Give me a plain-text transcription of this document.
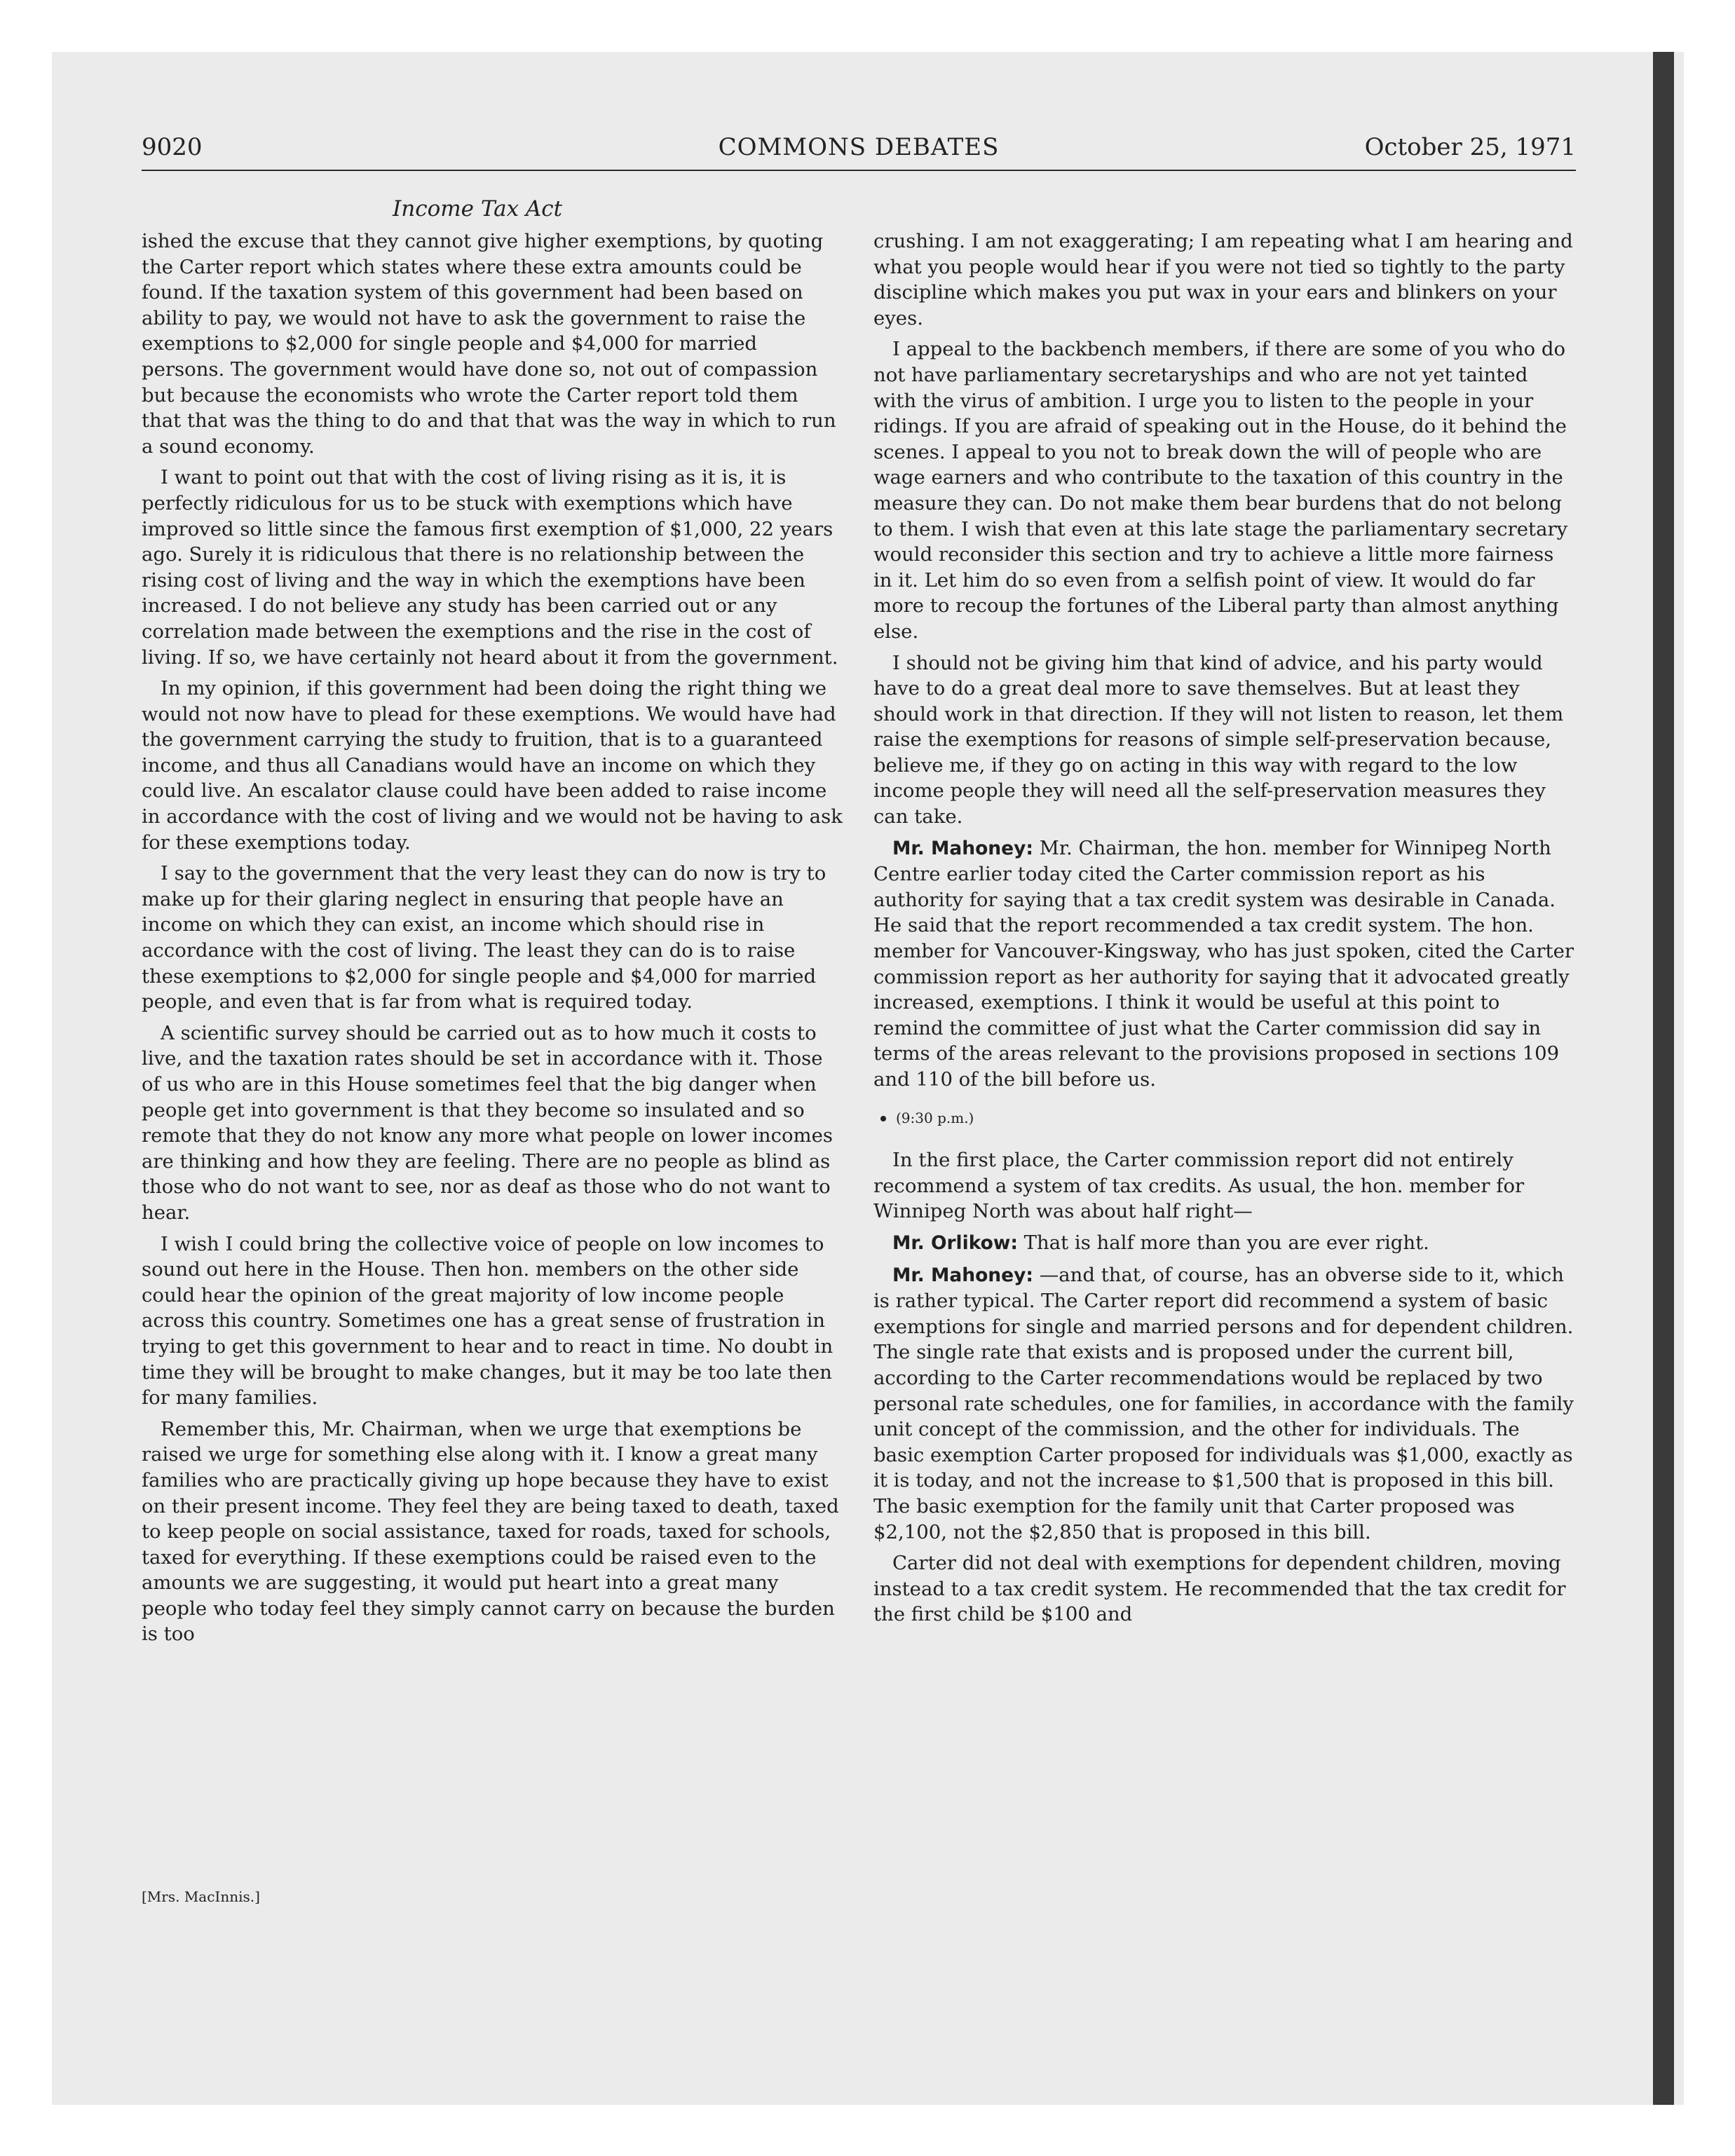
9020	COMMONS DEBATES	October 25, 1971
Income Tax Act

ished the excuse that they cannot give higher exemptions, by quoting the Carter report which states where these extra amounts could be found. If the taxation system of this government had been based on ability to pay, we would not have to ask the government to raise the exemptions to $2,000 for single people and $4,000 for married persons. The government would have done so, not out of compassion but because the economists who wrote the Carter report told them that that was the thing to do and that that was the way in which to run a sound economy.

I want to point out that with the cost of living rising as it is, it is perfectly ridiculous for us to be stuck with exemptions which have improved so little since the famous first exemption of $1,000, 22 years ago. Surely it is ridiculous that there is no relationship between the rising cost of living and the way in which the exemptions have been increased. I do not believe any study has been carried out or any correlation made between the exemptions and the rise in the cost of living. If so, we have certainly not heard about it from the government.

In my opinion, if this government had been doing the right thing we would not now have to plead for these exemptions. We would have had the government carrying the study to fruition, that is to a guaranteed income, and thus all Canadians would have an income on which they could live. An escalator clause could have been added to raise income in accordance with the cost of living and we would not be having to ask for these exemptions today.

I say to the government that the very least they can do now is try to make up for their glaring neglect in ensuring that people have an income on which they can exist, an income which should rise in accordance with the cost of living. The least they can do is to raise these exemptions to $2,000 for single people and $4,000 for married people, and even that is far from what is required today.

A scientific survey should be carried out as to how much it costs to live, and the taxation rates should be set in accordance with it. Those of us who are in this House sometimes feel that the big danger when people get into government is that they become so insulated and so remote that they do not know any more what people on lower incomes are thinking and how they are feeling. There are no people as blind as those who do not want to see, nor as deaf as those who do not want to hear.

I wish I could bring the collective voice of people on low incomes to sound out here in the House. Then hon. members on the other side could hear the opinion of the great majority of low income people across this country. Sometimes one has a great sense of frustration in trying to get this government to hear and to react in time. No doubt in time they will be brought to make changes, but it may be too late then for many families.

Remember this, Mr. Chairman, when we urge that exemptions be raised we urge for something else along with it. I know a great many families who are practically giving up hope because they have to exist on their present income. They feel they are being taxed to death, taxed to keep people on social assistance, taxed for roads, taxed for schools, taxed for everything. If these exemptions could be raised even to the amounts we are suggesting, it would put heart into a great many people who today feel they simply cannot carry on because the burden is too

[Mrs. MacInnis.]

crushing. I am not exaggerating; I am repeating what I am hearing and what you people would hear if you were not tied so tightly to the party discipline which makes you put wax in your ears and blinkers on your eyes.

I appeal to the backbench members, if there are some of you who do not have parliamentary secretaryships and who are not yet tainted with the virus of ambition. I urge you to listen to the people in your ridings. If you are afraid of speaking out in the House, do it behind the scenes. I appeal to you not to break down the will of people who are wage earners and who contribute to the taxation of this country in the measure they can. Do not make them bear burdens that do not belong to them. I wish that even at this late stage the parliamentary secretary would reconsider this section and try to achieve a little more fairness in it. Let him do so even from a selfish point of view. It would do far more to recoup the fortunes of the Liberal party than almost anything else.

I should not be giving him that kind of advice, and his party would have to do a great deal more to save themselves. But at least they should work in that direction. If they will not listen to reason, let them raise the exemptions for reasons of simple self-preservation because, believe me, if they go on acting in this way with regard to the low income people they will need all the self-preservation measures they can take.

Mr. Mahoney: Mr. Chairman, the hon. member for Winnipeg North Centre earlier today cited the Carter commission report as his authority for saying that a tax credit system was desirable in Canada. He said that the report recommended a tax credit system. The hon. member for Vancouver-Kingsway, who has just spoken, cited the Carter commission report as her authority for saying that it advocated greatly increased, exemptions. I think it would be useful at this point to remind the committee of just what the Carter commission did say in terms of the areas relevant to the provisions proposed in sections 109 and 110 of the bill before us.

(9:30 p.m.)

In the first place, the Carter commission report did not entirely recommend a system of tax credits. As usual, the hon. member for Winnipeg North was about half right—

Mr. Orlikow: That is half more than you are ever right.

Mr. Mahoney: —and that, of course, has an obverse side to it, which is rather typical. The Carter report did recommend a system of basic exemptions for single and married persons and for dependent children. The single rate that exists and is proposed under the current bill, according to the Carter recommendations would be replaced by two personal rate schedules, one for families, in accordance with the family unit concept of the commission, and the other for individuals. The basic exemption Carter proposed for individuals was $1,000, exactly as it is today, and not the increase to $1,500 that is proposed in this bill. The basic exemption for the family unit that Carter proposed was $2,100, not the $2,850 that is proposed in this bill.

Carter did not deal with exemptions for dependent children, moving instead to a tax credit system. He recommended that the tax credit for the first child be $100 and
